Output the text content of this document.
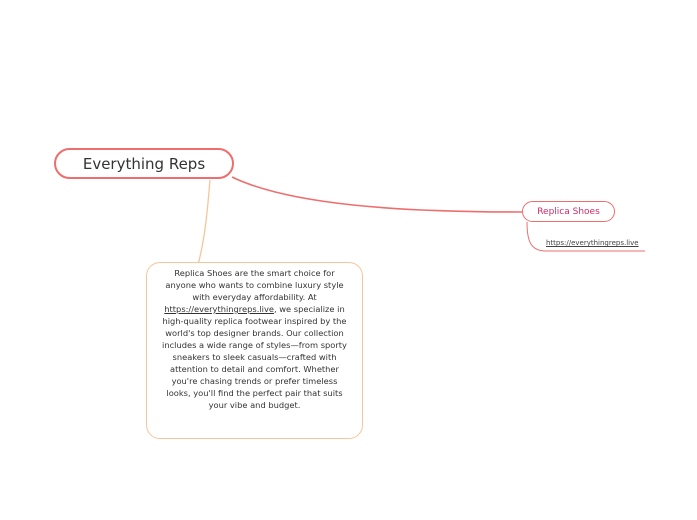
Everything Reps
Replica Shoes
https://everythingreps.live
Replica Shoes are the smart choice for anyone who wants to combine luxury style with everyday affordability. At https://everythingreps.live, we specialize in high-quality replica footwear inspired by the world's top designer brands. Our collection includes a wide range of styles—from sporty sneakers to sleek casuals—crafted with attention to detail and comfort. Whether you're chasing trends or prefer timeless looks, you'll find the perfect pair that suits your vibe and budget.
